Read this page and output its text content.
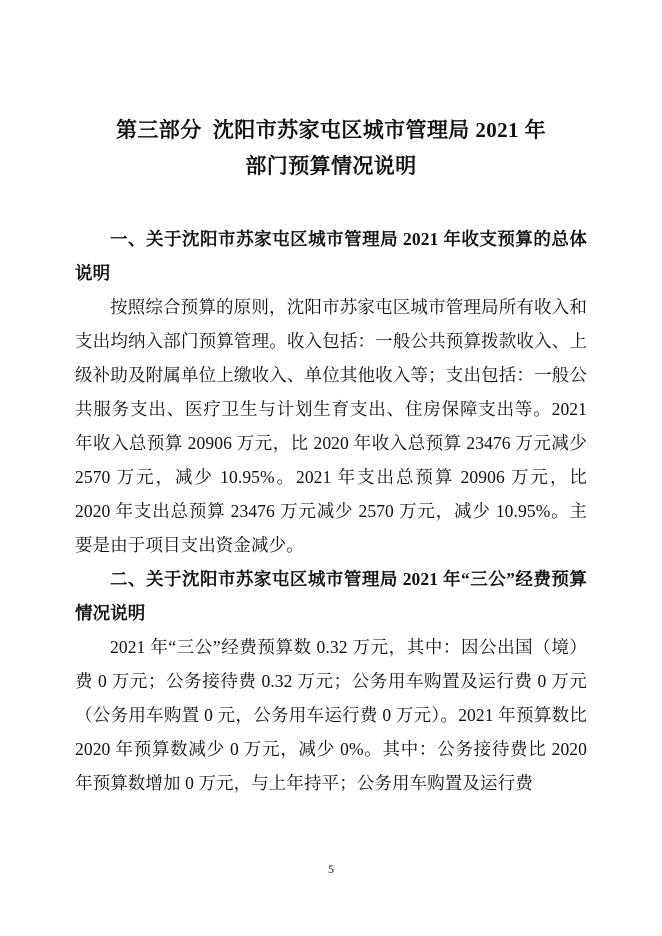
第三部分  沈阳市苏家屯区城市管理局 2021 年
部门预算情况说明
一、关于沈阳市苏家屯区城市管理局 2021 年收支预算的总体说明

按照综合预算的原则，沈阳市苏家屯区城市管理局所有收入和支出均纳入部门预算管理。收入包括：一般公共预算拨款收入、上级补助及附属单位上缴收入、单位其他收入等；支出包括：一般公共服务支出、医疗卫生与计划生育支出、住房保障支出等。2021 年收入总预算 20906 万元，比 2020 年收入总预算 23476 万元减少 2570 万元，减少 10.95%。2021 年支出总预算 20906 万元，比 2020 年支出总预算 23476 万元减少 2570 万元，减少 10.95%。主要是由于项目支出资金减少。

二、关于沈阳市苏家屯区城市管理局 2021 年“三公”经费预算情况说明

2021 年“三公”经费预算数 0.32 万元，其中：因公出国（境）费 0 万元；公务接待费 0.32 万元；公务用车购置及运行费 0 万元（公务用车购置 0 元，公务用车运行费 0 万元）。2021 年预算数比 2020 年预算数减少 0 万元，减少 0%。其中：公务接待费比 2020 年预算数增加 0 万元，与上年持平；公务用车购置及运行费

5
